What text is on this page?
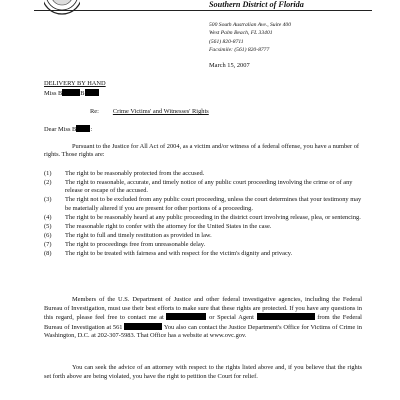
Southern District of Florida
500 South Australian Ave., Suite 400
West Palm Beach, FL 33401
(561) 820-8711
Facsimile: (561) 820-8777
March 15, 2007
DELIVERY BY HAND
Miss B	B
Re: Crime Victims' and Witnesses' Rights
Dear Miss B :

Pursuant to the Justice for All Act of 2004, as a victim and/or witness of a federal offense, you have a number of rights. Those rights are:

(1)	The right to be reasonably protected from the accused.
(2)	The right to reasonable, accurate, and timely notice of any public court proceeding involving the crime or of any release or escape of the accused.
(3)	The right not to be excluded from any public court proceeding, unless the court determines that your testimony may be materially altered if you are present for other portions of a proceeding.
(4)	The right to be reasonably heard at any public proceeding in the district court involving release, plea, or sentencing.
(5)	The reasonable right to confer with the attorney for the United States in the case.
(6)	The right to full and timely restitution as provided in law.
(7)	The right to proceedings free from unreasonable delay.
(8)	The right to be treated with fairness and with respect for the victim's dignity and privacy.

Members of the U.S. Department of Justice and other federal investigative agencies, including the Federal Bureau of Investigation, must use their best efforts to make sure that these rights are protected. If you have any questions in this regard, please feel free to contact me at	or Special Agent	from the Federal Bureau of Investigation at 561	You also can contact the Justice Department's Office for Victims of Crime in Washington, D.C. at 202-307-5983. That Office has a website at www.ovc.gov.

You can seek the advice of an attorney with respect to the rights listed above and, if you believe that the rights set forth above are being violated, you have the right to petition the Court for relief.
